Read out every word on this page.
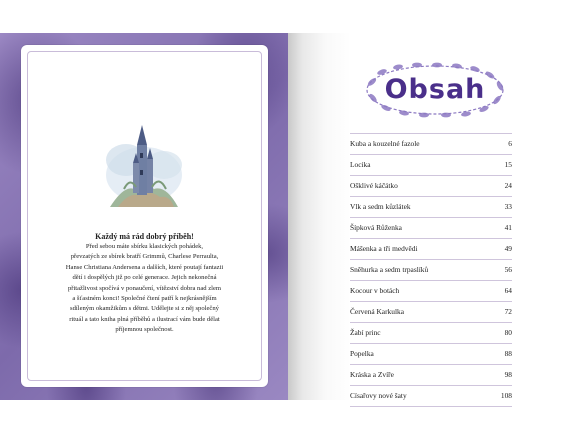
Každý má rád dobrý příběh!

Před sebou máte sbírku klasických pohádek,
převzatých ze sbírek bratří Grimmů, Charlese Perraulta,
Hanse Christiana Andersena a dalších, které poutají fantazii
dětí i dospělých již po celé generace. Jejich nekonečná
přitažlivost spočívá v ponaučení, vítězství dobra nad zlem
a šťastném konci! Společné čtení patří k nejkrásnějším
sdíleným okamžikům s dětmi. Udělejte si z něj společný
rituál a tato kniha plná příběhů a ilustrací vám bude dělat
příjemnou společnost.

Obsah
Kuba a kouzelné fazole	6
Locika	15
Ošklivé káčátko	24
Vlk a sedm kůzlátek	33
Šípková Růženka	41
Mášenka a tři medvědi	49
Sněhurka a sedm trpaslíků	56
Kocour v botách	64
Červená Karkulka	72
Žabí princ	80
Popelka	88
Kráska a Zvíře	98
Císařovy nové šaty	108
